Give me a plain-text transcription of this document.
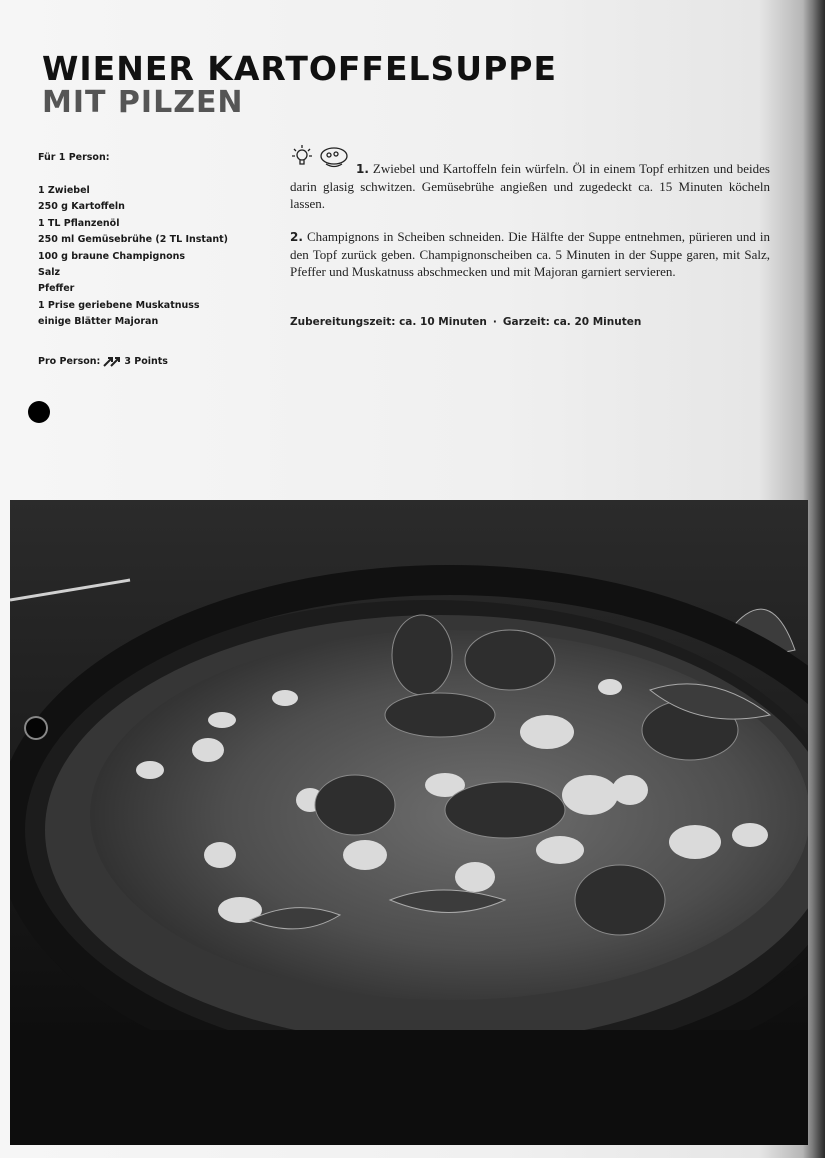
WIENER KARTOFFELSUPPE
MIT PILZEN
Für 1 Person:
1 Zwiebel
250 g Kartoffeln
1 TL Pflanzenöl
250 ml Gemüsebrühe (2 TL Instant)
100 g braune Champignons
Salz
Pfeffer
1 Prise geriebene Muskatnuss
einige Blätter Majoran
Pro Person:	3 Points

1. Zwiebel und Kartoffeln fein würfeln. Öl in einem Topf erhitzen und beides darin glasig schwitzen. Gemüsebrühe angießen und zugedeckt ca. 15 Minuten köcheln lassen.

2. Champignons in Scheiben schneiden. Die Hälfte der Suppe entnehmen, pürieren und in den Topf zurück geben. Champignonscheiben ca. 5 Minuten in der Suppe garen, mit Salz, Pfeffer und Muskatnuss abschmecken und mit Majoran garniert servieren.

Zubereitungszeit: ca. 10 Minuten · Garzeit: ca. 20 Minuten
